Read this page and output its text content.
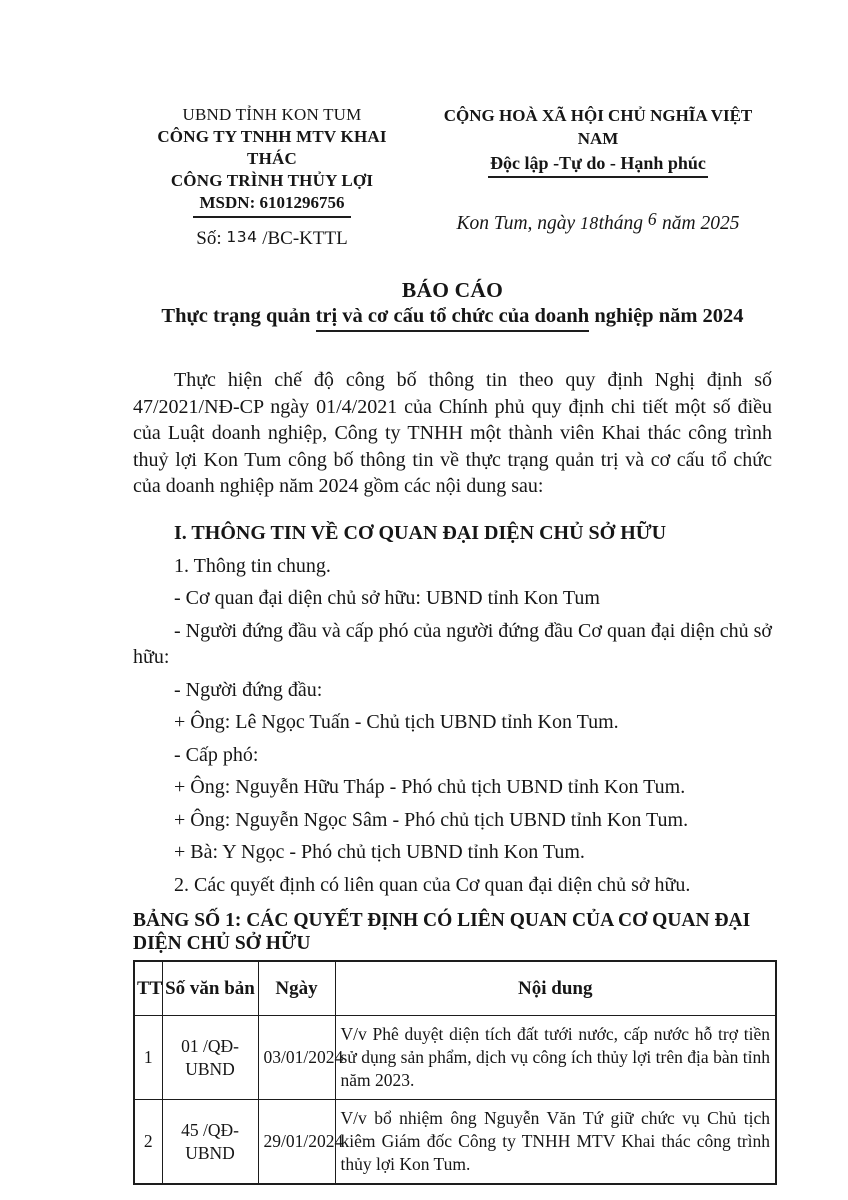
UBND TỈNH KON TUM
CÔNG TY TNHH MTV KHAI THÁC
CÔNG TRÌNH THỦY LỢI
MSDN: 6101296756
Số: 134 /BC-KTTL
CỘNG HOÀ XÃ HỘI CHỦ NGHĨA VIỆT NAM
Độc lập -Tự do - Hạnh phúc
Kon Tum, ngày 18tháng 6 năm 2025
BÁO CÁO
Thực trạng quản trị và cơ cấu tổ chức của doanh nghiệp năm 2024

Thực hiện chế độ công bố thông tin theo quy định Nghị định số 47/2021/NĐ-CP ngày 01/4/2021 của Chính phủ quy định chi tiết một số điều của Luật doanh nghiệp, Công ty TNHH một thành viên Khai thác công trình thuỷ lợi Kon Tum công bố thông tin về thực trạng quản trị và cơ cấu tổ chức của doanh nghiệp năm 2024 gồm các nội dung sau:

I. THÔNG TIN VỀ CƠ QUAN ĐẠI DIỆN CHỦ SỞ HỮU
1. Thông tin chung.
- Cơ quan đại diện chủ sở hữu: UBND tỉnh Kon Tum
- Người đứng đầu và cấp phó của người đứng đầu Cơ quan đại diện chủ sở hữu:
- Người đứng đầu:
+ Ông: Lê Ngọc Tuấn - Chủ tịch UBND tỉnh Kon Tum.
- Cấp phó:
+ Ông: Nguyễn Hữu Tháp - Phó chủ tịch UBND tỉnh Kon Tum.
+ Ông: Nguyễn Ngọc Sâm - Phó chủ tịch UBND tỉnh Kon Tum.
+ Bà: Y Ngọc - Phó chủ tịch UBND tỉnh Kon Tum.
2. Các quyết định có liên quan của Cơ quan đại diện chủ sở hữu.
BẢNG SỐ 1: CÁC QUYẾT ĐỊNH CÓ LIÊN QUAN CỦA CƠ QUAN ĐẠI DIỆN CHỦ SỞ HỮU
TT	Số văn bản	Ngày	Nội dung
1	01 /QĐ-UBND	03/01/2024	V/v Phê duyệt diện tích đất tưới nước, cấp nước hỗ trợ tiền sử dụng sản phẩm, dịch vụ công ích thủy lợi trên địa bàn tỉnh năm 2023.
2	45 /QĐ-UBND	29/01/2024	V/v bổ nhiệm ông Nguyễn Văn Tứ giữ chức vụ Chủ tịch kiêm Giám đốc Công ty TNHH MTV Khai thác công trình thủy lợi Kon Tum.
